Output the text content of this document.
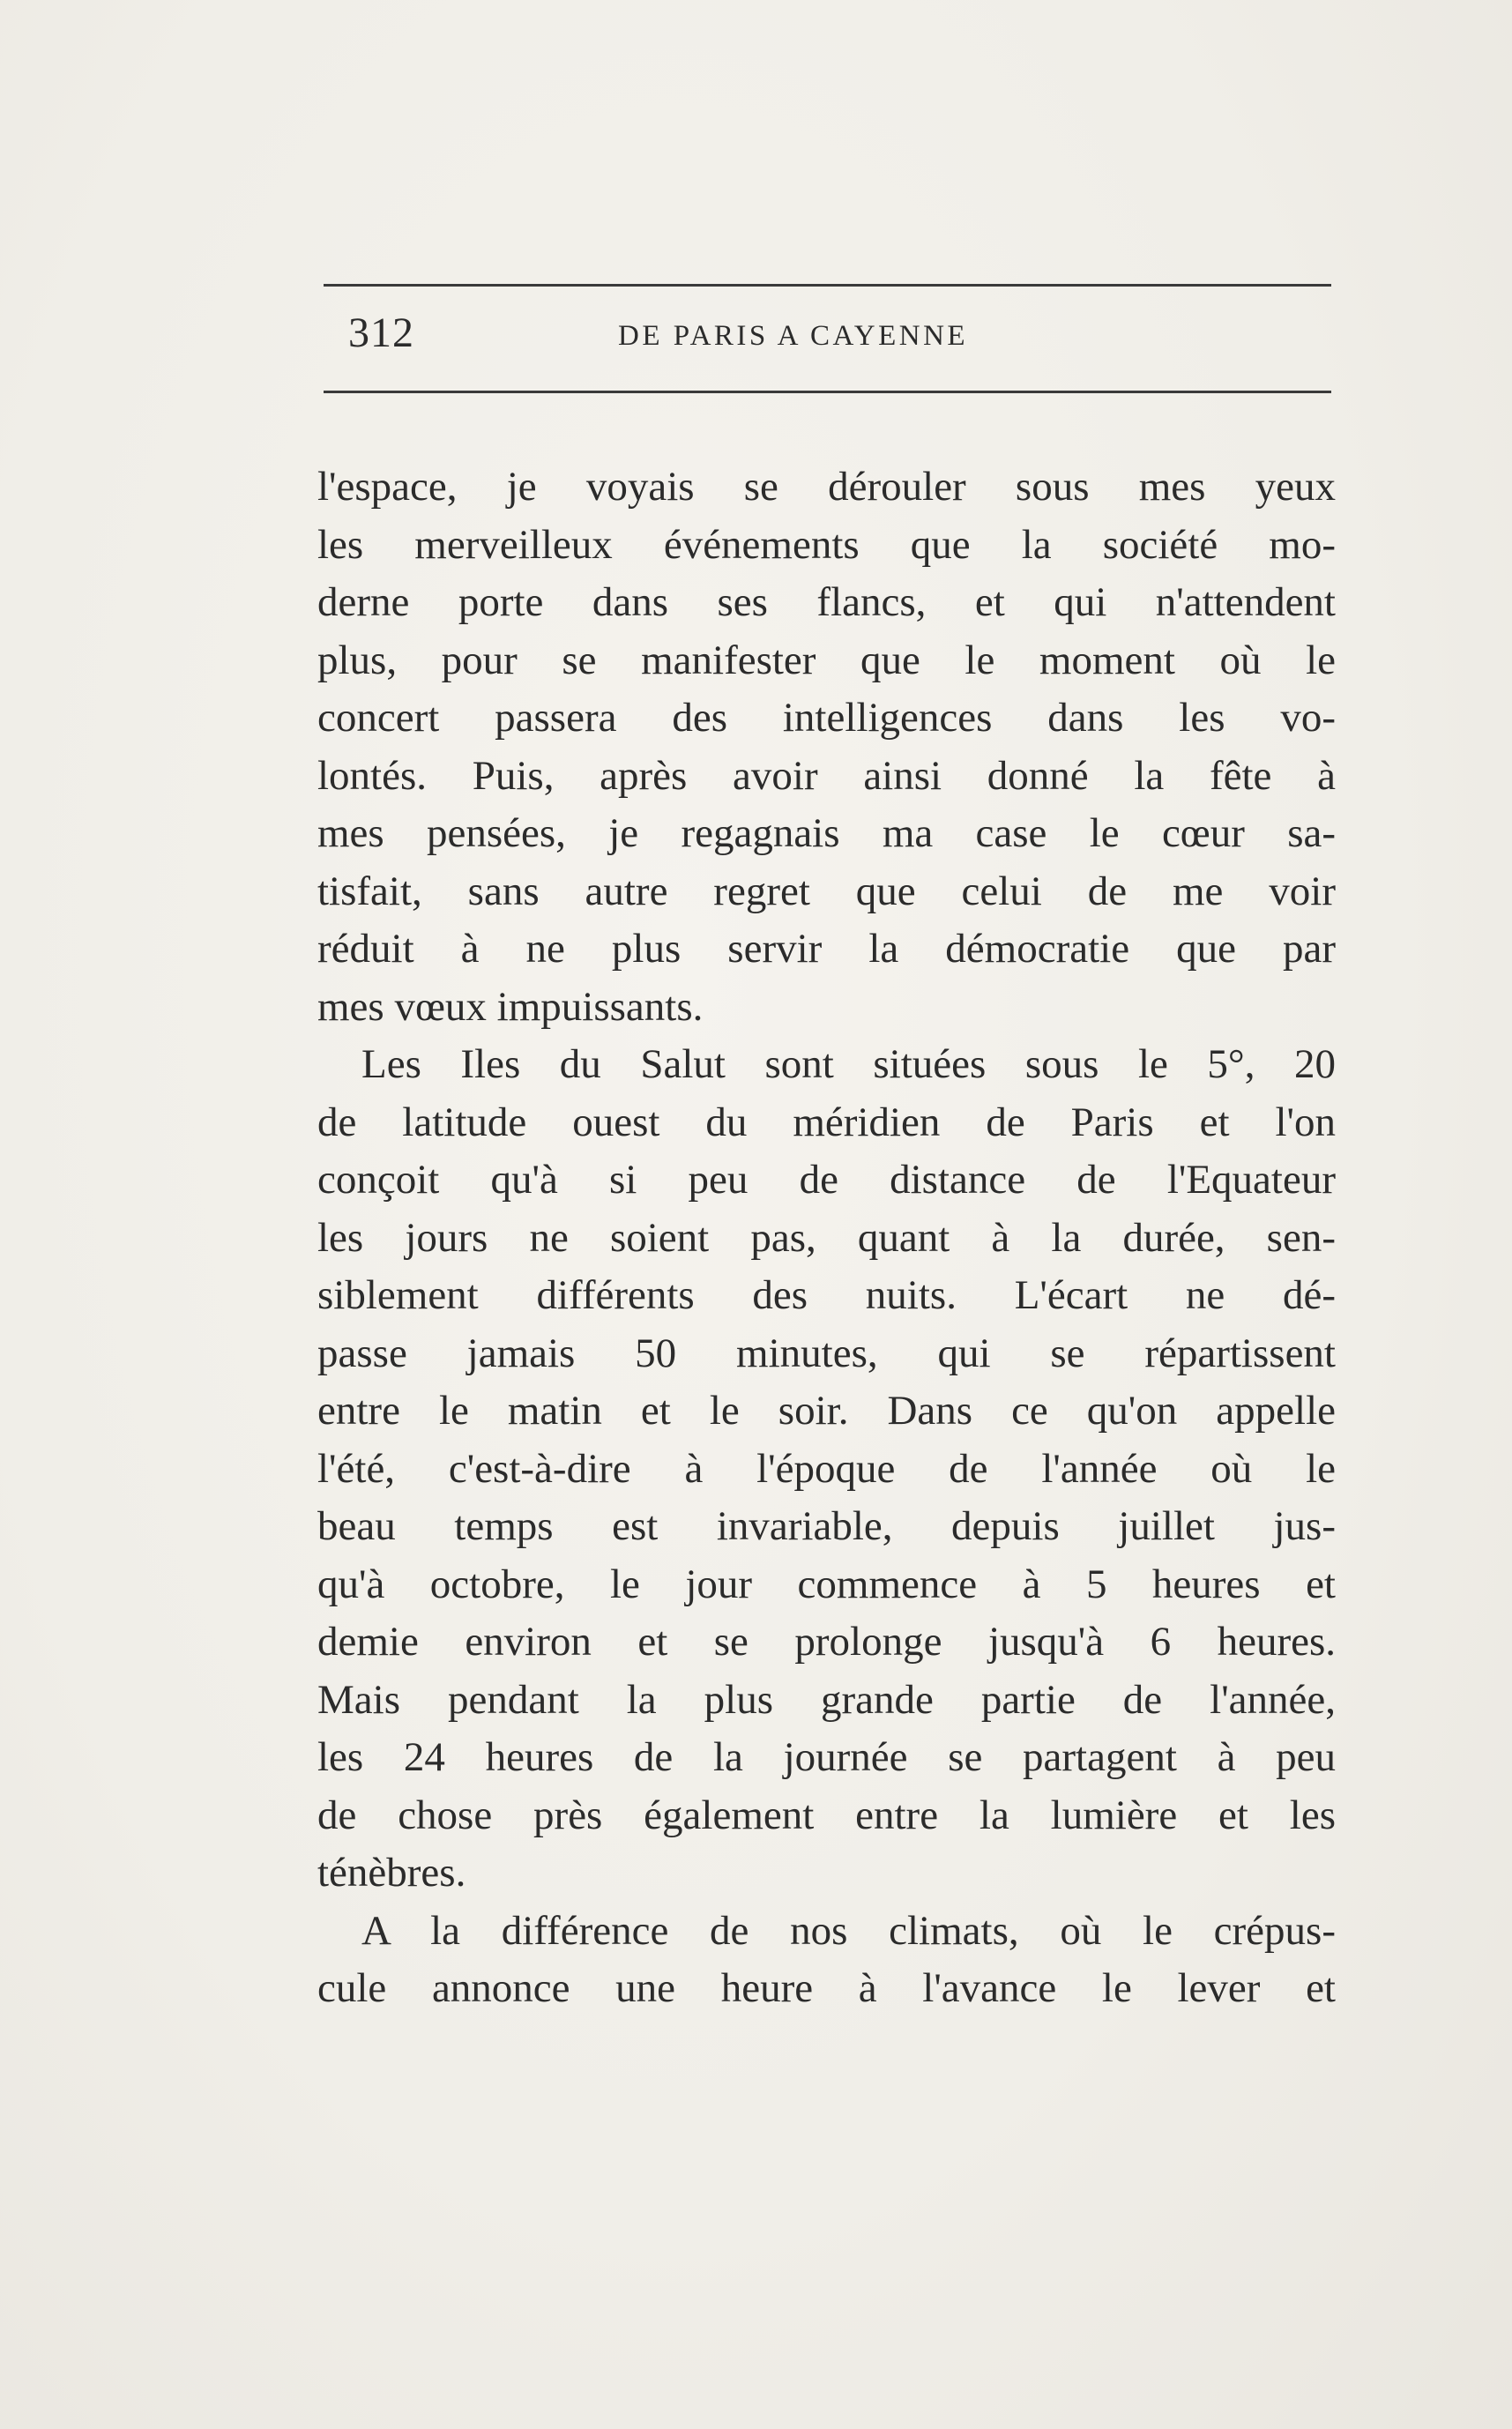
312	DE PARIS A CAYENNE
l'espace, je voyais se dérouler sous mes yeux
les merveilleux événements que la société mo-
derne porte dans ses flancs, et qui n'attendent
plus, pour se manifester que le moment où le
concert passera des intelligences dans les vo-
lontés. Puis, après avoir ainsi donné la fête à
mes pensées, je regagnais ma case le cœur sa-
tisfait, sans autre regret que celui de me voir
réduit à ne plus servir la démocratie que par
mes vœux impuissants.
Les Iles du Salut sont situées sous le 5°, 20
de latitude ouest du méridien de Paris et l'on
conçoit qu'à si peu de distance de l'Equateur
les jours ne soient pas, quant à la durée, sen-
siblement différents des nuits. L'écart ne dé-
passe jamais 50 minutes, qui se répartissent
entre le matin et le soir. Dans ce qu'on appelle
l'été, c'est-à-dire à l'époque de l'année où le
beau temps est invariable, depuis juillet jus-
qu'à octobre, le jour commence à 5 heures et
demie environ et se prolonge jusqu'à 6 heures.
Mais pendant la plus grande partie de l'année,
les 24 heures de la journée se partagent à peu
de chose près également entre la lumière et les
ténèbres.
A la différence de nos climats, où le crépus-
cule annonce une heure à l'avance le lever et
